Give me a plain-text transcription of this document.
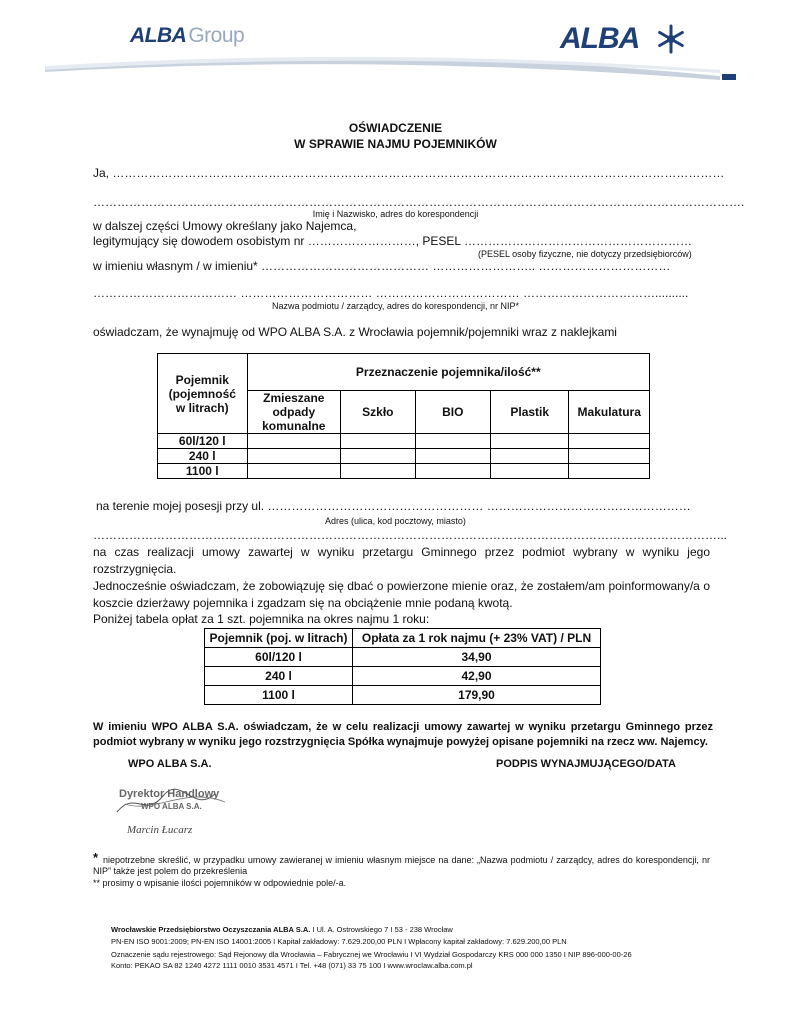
ALBAGroup	ALBA
OŚWIADCZENIE
W SPRAWIE NAJMU POJEMNIKÓW
Ja, ………………………………………………………………………………………………………………………………………
……………………………………………………………………………………………………………………………………………….
Imię i Nazwisko, adres do korespondencji
w dalszej części Umowy określany jako Najemca,
legitymujący się dowodem osobistym nr ………………………, PESEL …………………………………………………
(PESEL osoby fizyczne, nie dotyczy przedsiębiorców)
w imieniu własnym / w imieniu* …………………………………… …………………….. ……………………………
……………………………… …………………………… ……………………………… ……………………………..........
Nazwa podmiotu / zarządcy, adres do korespondencji, nr NIP*
oświadczam, że wynajmuję od WPO ALBA S.A. z Wrocławia pojemnik/pojemniki wraz z naklejkami
Pojemnik
(pojemność
w litrach)	Przeznaczenie pojemnika/ilość**				
	Zmieszane
odpady
komunalne	Szkło	BIO	Plastik	Makulatura
60l/120 l					
240 l					
1100 l					
na terenie mojej posesji przy ul. ……………………………………………… ……………………………………………
Adres (ulica, kod pocztowy, miasto)
…………………………………………………………………………………………………………………………………………...
na czas realizacji umowy zawartej w wyniku przetargu Gminnego przez podmiot wybrany w wyniku jego rozstrzygnięcia.
Jednocześnie oświadczam, że zobowiązuję się dbać o powierzone mienie oraz, że zostałem/am poinformowany/a o koszcie dzierżawy pojemnika i zgadzam się na obciążenie mnie podaną kwotą.
Poniżej tabela opłat za 1 szt. pojemnika na okres najmu 1 roku:
Pojemnik (poj. w litrach)	Opłata za 1 rok najmu (+ 23% VAT) / PLN
60l/120 l	34,90
240 l	42,90
1100 l	179,90
W imieniu WPO ALBA S.A. oświadczam, że w celu realizacji umowy zawartej w wyniku przetargu Gminnego przez podmiot wybrany w wyniku jego rozstrzygnięcia Spółka wynajmuje powyżej opisane pojemniki na rzecz ww. Najemcy.
WPO ALBA S.A.	PODPIS WYNAJMUJĄCEGO/DATA
Dyrektor Handlowy
WPO ALBA S.A.
Marcin Łucarz
* niepotrzebne skreślić, w przypadku umowy zawieranej w imieniu własnym miejsce na dane: „Nazwa podmiotu / zarządcy, adres do korespondencji, nr NIP” także jest polem do przekreślenia
** prosimy o wpisanie ilości pojemników w odpowiednie pole/-a.
Wrocławskie Przedsiębiorstwo Oczyszczania ALBA S.A. I Ul. A. Ostrowskiego 7 I 53 - 238 Wrocław
PN-EN ISO 9001:2009; PN-EN ISO 14001:2005 I Kapitał zakładowy: 7.629.200,00 PLN I Wpłacony kapitał zakładowy: 7.629.200,00 PLN
Oznaczenie sądu rejestrowego: Sąd Rejonowy dla Wrocławia – Fabrycznej we Wrocławiu I VI Wydział Gospodarczy KRS 000 000 1350 I NIP 896-000-00-26
Konto: PEKAO SA 82 1240 4272 1111 0010 3531 4571 I Tel. +48 (071) 33 75 100 I www.wroclaw.alba.com.pl
